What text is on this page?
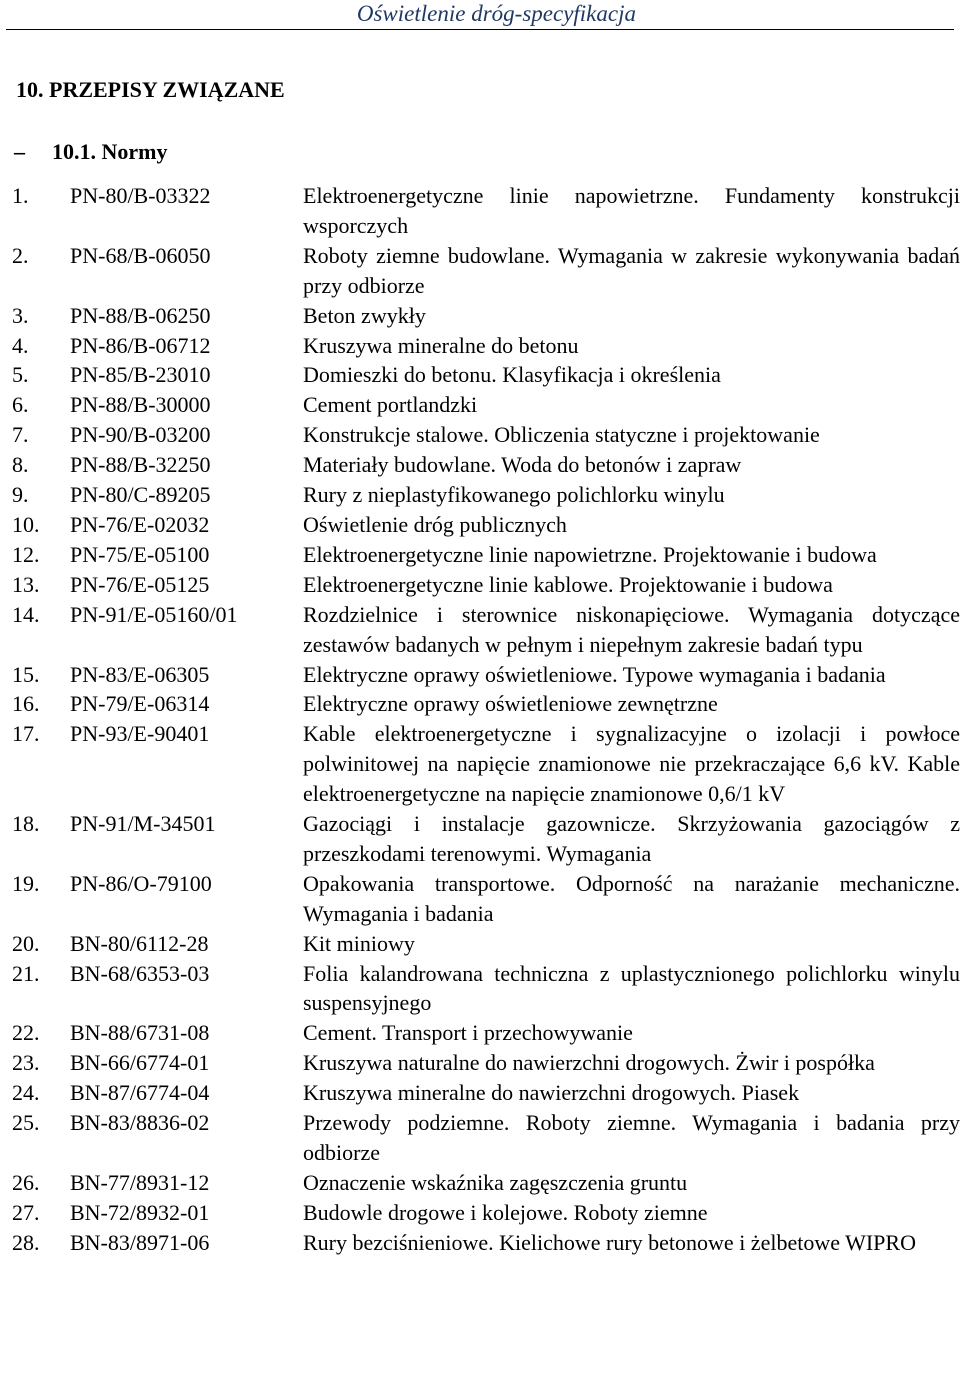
Oświetlenie dróg-specyfikacja
10. PRZEPISY ZWIĄZANE
– 10.1. Normy
1. PN-80/B-03322	Elektroenergetyczne linie napowietrzne. Fundamenty konstrukcji wsporczych
2. PN-68/B-06050	Roboty ziemne budowlane. Wymagania w zakresie wykonywania badań przy odbiorze
3. PN-88/B-06250	Beton zwykły
4. PN-86/B-06712	Kruszywa mineralne do betonu
5. PN-85/B-23010	Domieszki do betonu. Klasyfikacja i określenia
6. PN-88/B-30000	Cement portlandzki
7. PN-90/B-03200	Konstrukcje stalowe. Obliczenia statyczne i projektowanie
8. PN-88/B-32250	Materiały budowlane. Woda do betonów i zapraw
9. PN-80/C-89205	Rury z nieplastyfikowanego polichlorku winylu
10. PN-76/E-02032	Oświetlenie dróg publicznych
12. PN-75/E-05100	Elektroenergetyczne linie napowietrzne. Projektowanie i budowa
13. PN-76/E-05125	Elektroenergetyczne linie kablowe. Projektowanie i budowa
14. PN-91/E-05160/01	Rozdzielnice i sterownice niskonapięciowe. Wymagania dotyczące zestawów badanych w pełnym i niepełnym zakresie badań typu
15. PN-83/E-06305	Elektryczne oprawy oświetleniowe. Typowe wymagania i badania
16. PN-79/E-06314	Elektryczne oprawy oświetleniowe zewnętrzne
17. PN-93/E-90401	Kable elektroenergetyczne i sygnalizacyjne o izolacji i powłoce polwinitowej na napięcie znamionowe nie przekraczające 6,6 kV. Kable elektroenergetyczne na napięcie znamionowe 0,6/1 kV
18. PN-91/M-34501	Gazociągi i instalacje gazownicze. Skrzyżowania gazociągów z przeszkodami terenowymi. Wymagania
19. PN-86/O-79100	Opakowania transportowe. Odporność na narażanie mechaniczne. Wymagania i badania
20. BN-80/6112-28	Kit miniowy
21. BN-68/6353-03	Folia kalandrowana techniczna z uplastycznionego polichlorku winylu suspensyjnego
22. BN-88/6731-08	Cement. Transport i przechowywanie
23. BN-66/6774-01	Kruszywa naturalne do nawierzchni drogowych. Żwir i pospółka
24. BN-87/6774-04	Kruszywa mineralne do nawierzchni drogowych. Piasek
25. BN-83/8836-02	Przewody podziemne. Roboty ziemne. Wymagania i badania przy odbiorze
26. BN-77/8931-12	Oznaczenie wskaźnika zagęszczenia gruntu
27. BN-72/8932-01	Budowle drogowe i kolejowe. Roboty ziemne
28. BN-83/8971-06	Rury bezciśnieniowe. Kielichowe rury betonowe i żelbetowe WIPRO
